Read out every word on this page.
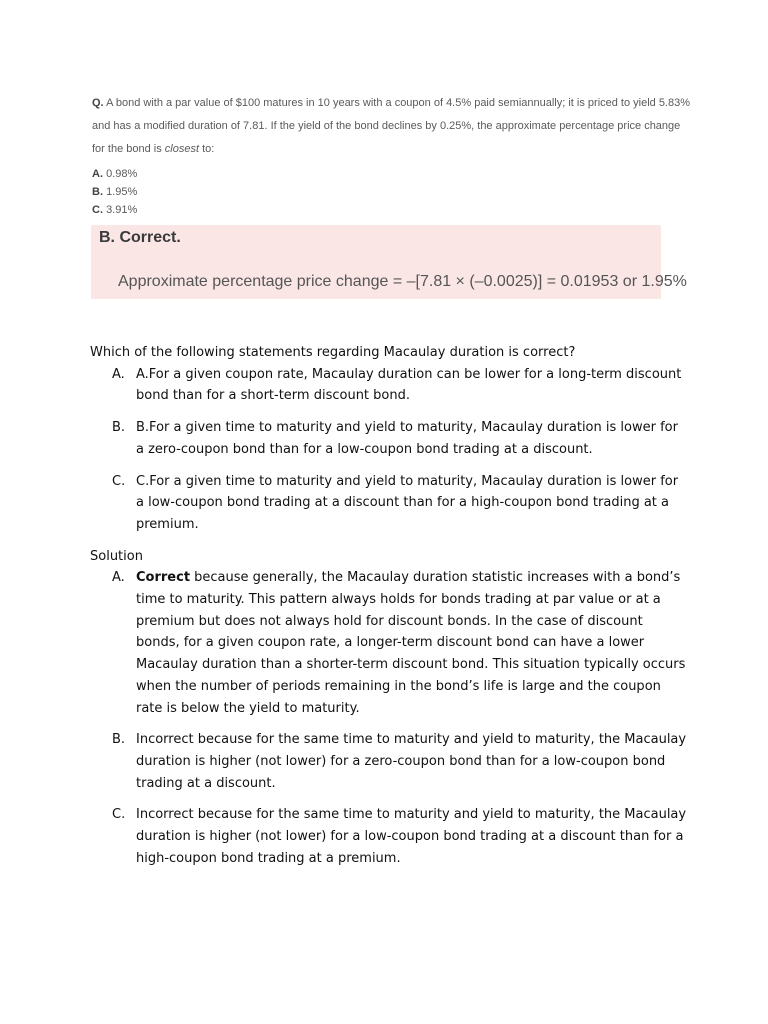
Q. A bond with a par value of $100 matures in 10 years with a coupon of 4.5% paid semiannually; it is priced to yield 5.83%
and has a modified duration of 7.81. If the yield of the bond declines by 0.25%, the approximate percentage price change
for the bond is closest to:
A. 0.98%
B. 1.95%
C. 3.91%
B. Correct.
Approximate percentage price change = –[7.81 × (–0.0025)] = 0.01953 or 1.95%

Which of the following statements regarding Macaulay duration is correct?

A. A.For a given coupon rate, Macaulay duration can be lower for a long-term discount bond than for a short-term discount bond.
B. B.For a given time to maturity and yield to maturity, Macaulay duration is lower for a zero-coupon bond than for a low-coupon bond trading at a discount.
C. C.For a given time to maturity and yield to maturity, Macaulay duration is lower for a low-coupon bond trading at a discount than for a high-coupon bond trading at a premium.

Solution

A. Correct because generally, the Macaulay duration statistic increases with a bond’s time to maturity. This pattern always holds for bonds trading at par value or at a premium but does not always hold for discount bonds. In the case of discount bonds, for a given coupon rate, a longer-term discount bond can have a lower Macaulay duration than a shorter-term discount bond. This situation typically occurs when the number of periods remaining in the bond’s life is large and the coupon rate is below the yield to maturity.
B. Incorrect because for the same time to maturity and yield to maturity, the Macaulay duration is higher (not lower) for a zero-coupon bond than for a low-coupon bond trading at a discount.
C. Incorrect because for the same time to maturity and yield to maturity, the Macaulay duration is higher (not lower) for a low-coupon bond trading at a discount than for a high-coupon bond trading at a premium.
